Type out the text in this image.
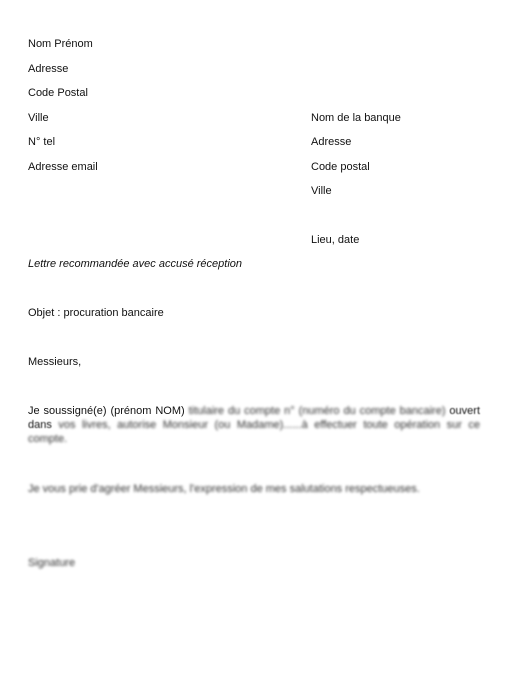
Nom Prénom
Adresse
Code Postal
Ville
N° tel
Adresse email
Nom de la banque
Adresse
Code postal
Ville
Lieu, date
Lettre recommandée avec accusé réception
Objet : procuration bancaire
Messieurs,
Je soussigné(e) (prénom NOM) titulaire du compte n° (numéro du compte bancaire) ouvert dans vos livres, autorise Monsieur (ou Madame)......à effectuer toute opération sur ce compte.
Je vous prie d'agréer Messieurs, l'expression de mes salutations respectueuses.
Signature
